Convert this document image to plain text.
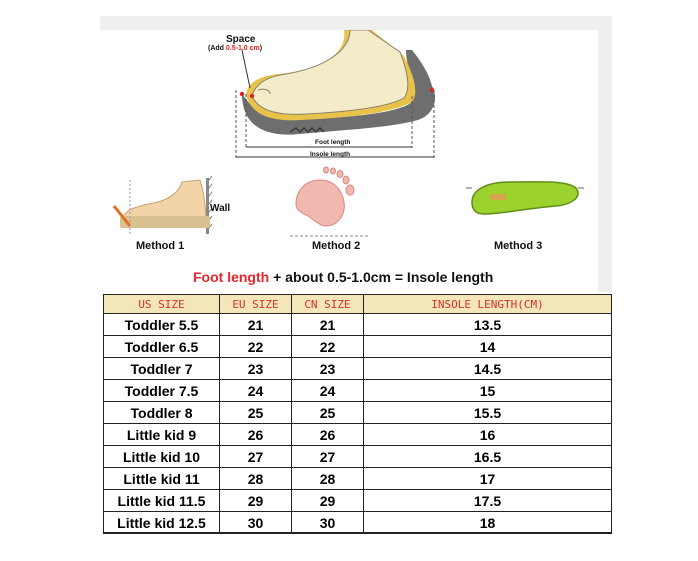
Space
(Add 0.5-1.0 cm)
Foot length
Insole length
Wall
Method 1	Method 2	Method 3
Foot length + about 0.5-1.0cm = Insole length
US SIZE	EU SIZE	CN SIZE	INSOLE LENGTH(CM)
Toddler 5.5	21	21	13.5
Toddler 6.5	22	22	14
Toddler 7	23	23	14.5
Toddler 7.5	24	24	15
Toddler 8	25	25	15.5
Little kid 9	26	26	16
Little kid 10	27	27	16.5
Little kid 11	28	28	17
Little kid 11.5	29	29	17.5
Little kid 12.5	30	30	18
